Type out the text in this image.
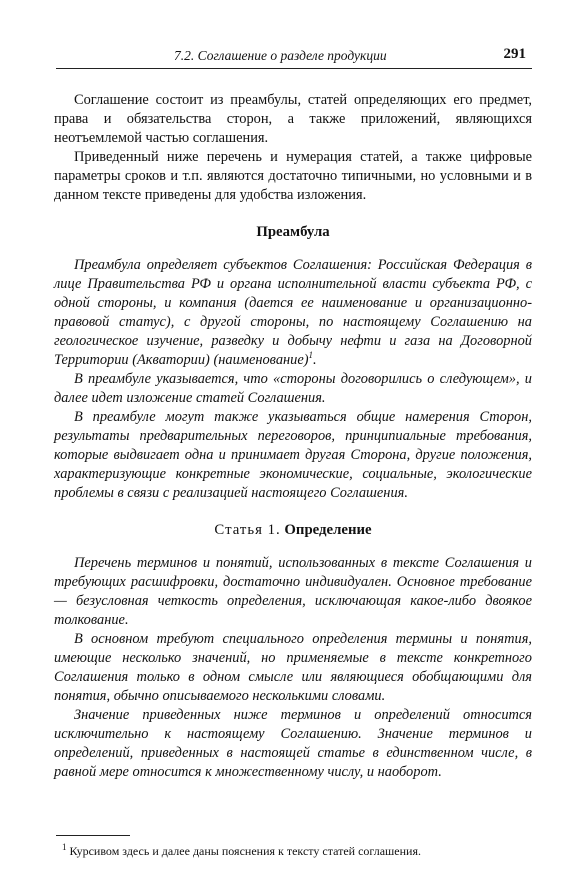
7.2. Соглашение о разделе продукции	291

Соглашение состоит из преамбулы, статей определяющих его предмет, права и обязательства сторон, а также приложений, являющихся неотъемлемой частью соглашения.

Приведенный ниже перечень и нумерация статей, а также цифровые параметры сроков и т.п. являются достаточно типичными, но условными и в данном тексте приведены для удобства изложения.

Преамбула

Преамбула определяет субъектов Соглашения: Российская Федерация в лице Правительства РФ и органа исполнительной власти субъекта РФ, с одной стороны, и компания (дается ее наименование и организационно-правовой статус), с другой стороны, по настоящему Соглашению на геологическое изучение, разведку и добычу нефти и газа на Договорной Территории (Акватории) (наименование)$^1$.

В преамбуле указывается, что «стороны договорились о следующем», и далее идет изложение статей Соглашения.

В преамбуле могут также указываться общие намерения Сторон, результаты предварительных переговоров, принципиальные требования, которые выдвигает одна и принимает другая Сторона, другие положения, характеризующие конкретные экономические, социальные, экологические проблемы в связи с реализацией настоящего Соглашения.

Статья 1. Определение

Перечень терминов и понятий, использованных в тексте Соглашения и требующих расшифровки, достаточно индивидуален. Основное требование — безусловная четкость определения, исключающая какое-либо двоякое толкование.

В основном требуют специального определения термины и понятия, имеющие несколько значений, но применяемые в тексте конкретного Соглашения только в одном смысле или являющиеся обобщающими для понятия, обычно описываемого несколькими словами.

Значение приведенных ниже терминов и определений относится исключительно к настоящему Соглашению. Значение терминов и определений, приведенных в настоящей статье в единственном числе, в равной мере относится к множественному числу, и наоборот.

$^1$ Курсивом здесь и далее даны пояснения к тексту статей соглашения.
